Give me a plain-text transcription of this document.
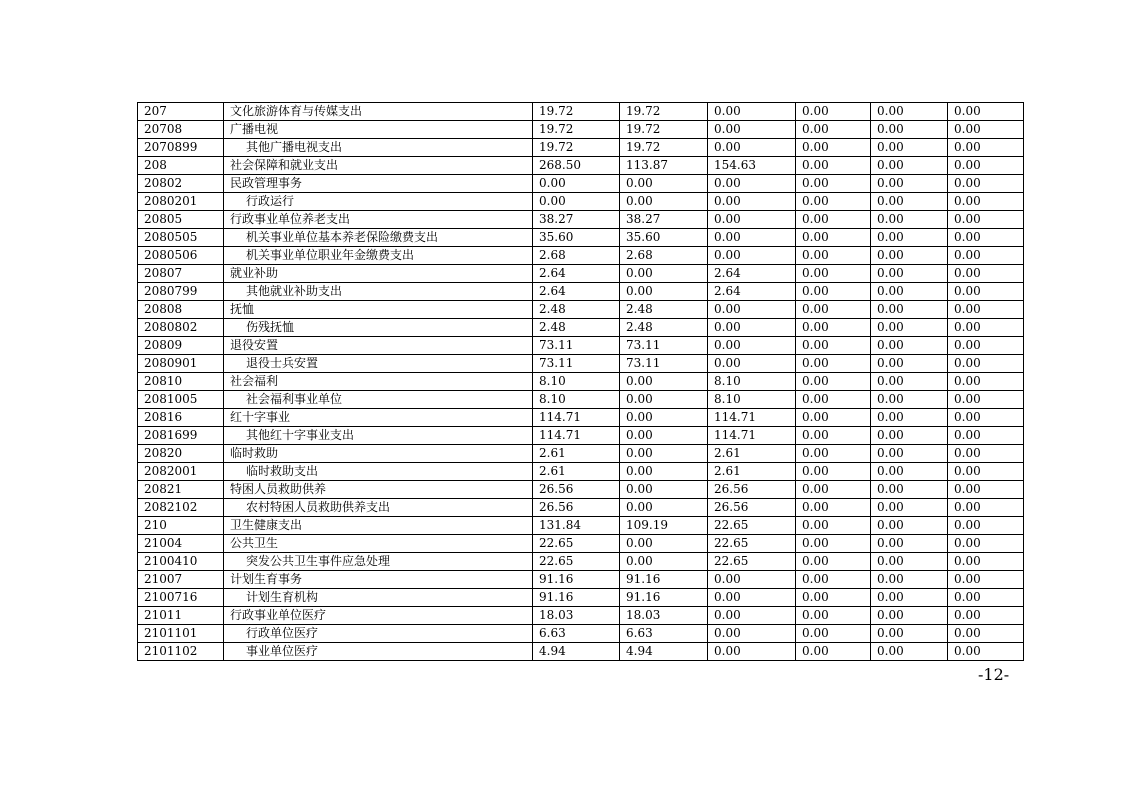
207	文化旅游体育与传媒支出	19.72	19.72	0.00	0.00	0.00	0.00
20708	广播电视	19.72	19.72	0.00	0.00	0.00	0.00
2070899	其他广播电视支出	19.72	19.72	0.00	0.00	0.00	0.00
208	社会保障和就业支出	268.50	113.87	154.63	0.00	0.00	0.00
20802	民政管理事务	0.00	0.00	0.00	0.00	0.00	0.00
2080201	行政运行	0.00	0.00	0.00	0.00	0.00	0.00
20805	行政事业单位养老支出	38.27	38.27	0.00	0.00	0.00	0.00
2080505	机关事业单位基本养老保险缴费支出	35.60	35.60	0.00	0.00	0.00	0.00
2080506	机关事业单位职业年金缴费支出	2.68	2.68	0.00	0.00	0.00	0.00
20807	就业补助	2.64	0.00	2.64	0.00	0.00	0.00
2080799	其他就业补助支出	2.64	0.00	2.64	0.00	0.00	0.00
20808	抚恤	2.48	2.48	0.00	0.00	0.00	0.00
2080802	伤残抚恤	2.48	2.48	0.00	0.00	0.00	0.00
20809	退役安置	73.11	73.11	0.00	0.00	0.00	0.00
2080901	退役士兵安置	73.11	73.11	0.00	0.00	0.00	0.00
20810	社会福利	8.10	0.00	8.10	0.00	0.00	0.00
2081005	社会福利事业单位	8.10	0.00	8.10	0.00	0.00	0.00
20816	红十字事业	114.71	0.00	114.71	0.00	0.00	0.00
2081699	其他红十字事业支出	114.71	0.00	114.71	0.00	0.00	0.00
20820	临时救助	2.61	0.00	2.61	0.00	0.00	0.00
2082001	临时救助支出	2.61	0.00	2.61	0.00	0.00	0.00
20821	特困人员救助供养	26.56	0.00	26.56	0.00	0.00	0.00
2082102	农村特困人员救助供养支出	26.56	0.00	26.56	0.00	0.00	0.00
210	卫生健康支出	131.84	109.19	22.65	0.00	0.00	0.00
21004	公共卫生	22.65	0.00	22.65	0.00	0.00	0.00
2100410	突发公共卫生事件应急处理	22.65	0.00	22.65	0.00	0.00	0.00
21007	计划生育事务	91.16	91.16	0.00	0.00	0.00	0.00
2100716	计划生育机构	91.16	91.16	0.00	0.00	0.00	0.00
21011	行政事业单位医疗	18.03	18.03	0.00	0.00	0.00	0.00
2101101	行政单位医疗	6.63	6.63	0.00	0.00	0.00	0.00
2101102	事业单位医疗	4.94	4.94	0.00	0.00	0.00	0.00
-12-
